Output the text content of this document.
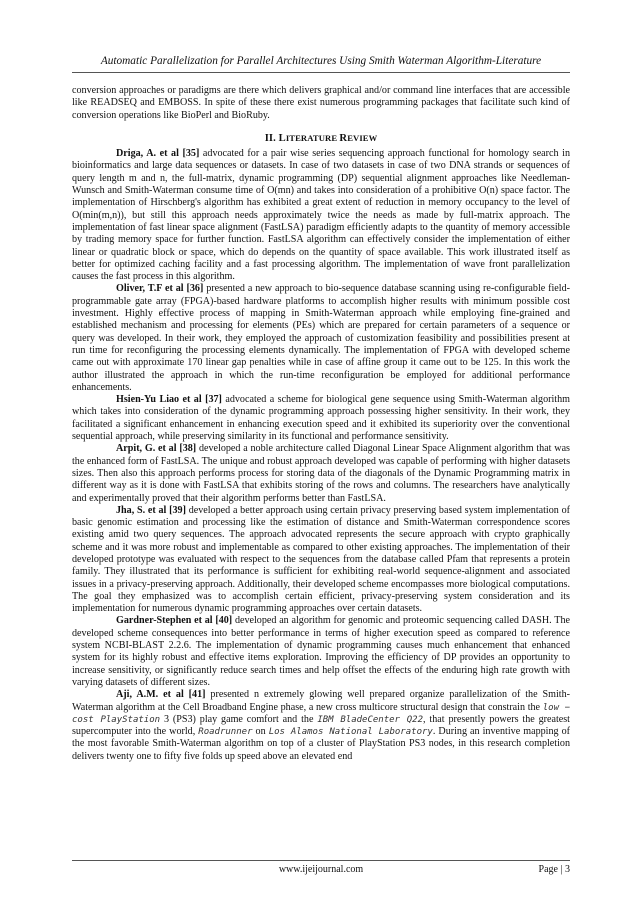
Automatic Parallelization for Parallel Architectures Using Smith Waterman Algorithm-Literature

conversion approaches or paradigms are there which delivers graphical and/or command line interfaces that are accessible like READSEQ and EMBOSS. In spite of these there exist numerous programming packages that facilitate such kind of conversion operations like BioPerl and BioRuby.

II. LITERATURE REVIEW

Driga, A. et al [35] advocated for a pair wise series sequencing approach functional for homology search in bioinformatics and large data sequences or datasets. In case of two datasets in case of two DNA strands or sequences of query length m and n, the full-matrix, dynamic programming (DP) sequential alignment approaches like Needleman-Wunsch and Smith-Waterman consume time of O(mn) and takes into consideration of a prohibitive O(n) space factor. The implementation of Hirschberg's algorithm has exhibited a great extent of reduction in memory occupancy to the level of O(min(m,n)), but still this approach needs approximately twice the needs as made by full-matrix approach. The implementation of fast linear space alignment (FastLSA) paradigm efficiently adapts to the quantity of memory accessible by trading memory space for further function. FastLSA algorithm can effectively consider the implementation of either linear or quadratic block or space, which do depends on the quantity of space available. This work illustrated itself as better for optimized caching facility and a fast processing algorithm. The implementation of wave front parallelization causes the fast process in this algorithm.

Oliver, T.F et al [36] presented a new approach to bio-sequence database scanning using re-configurable field-programmable gate array (FPGA)-based hardware platforms to accomplish higher results with minimum possible cost investment. Highly effective process of mapping in Smith-Waterman approach while employing fine-grained and established mechanism and processing for elements (PEs) which are prepared for certain parameters of a sequence or query was developed. In their work, they employed the approach of customization feasibility and possibilities present at run time for reconfiguring the processing elements dynamically. The implementation of FPGA with developed scheme came out with approximate 170 linear gap penalties while in case of affine group it came out to be 125. In this work the author illustrated the approach in which the run-time reconfiguration be employed for additional performance enhancements.

Hsien-Yu Liao et al [37] advocated a scheme for biological gene sequence using Smith-Waterman algorithm which takes into consideration of the dynamic programming approach possessing higher sensitivity. In their work, they facilitated a significant enhancement in enhancing execution speed and it exhibited its superiority over the conventional sequential approach, while preserving similarity in its functional and performance sensitivity.

Arpit, G. et al [38] developed a noble architecture called Diagonal Linear Space Alignment algorithm that was the enhanced form of FastLSA. The unique and robust approach developed was capable of performing with higher datasets sizes. Then also this approach performs process for storing data of the diagonals of the Dynamic Programming matrix in different way as it is done with FastLSA that exhibits storing of the rows and columns. The researchers have analytically and experimentally proved that their algorithm performs better than FastLSA.

Jha, S. et al [39] developed a better approach using certain privacy preserving based system implementation of basic genomic estimation and processing like the estimation of distance and Smith-Waterman correspondence scores existing amid two query sequences. The approach advocated represents the secure approach with crypto graphically scheme and it was more robust and implementable as compared to other existing approaches. The implementation of their developed prototype was evaluated with respect to the sequences from the database called Pfam that represents a protein family. They illustrated that its performance is sufficient for exhibiting real-world sequence-alignment and associated issues in a privacy-preserving approach. Additionally, their developed scheme encompasses more biological computations. The goal they emphasized was to accomplish certain efficient, privacy-preserving system consideration and its implementation for numerous dynamic programming approaches over certain datasets.

Gardner-Stephen et al [40] developed an algorithm for genomic and proteomic sequencing called DASH. The developed scheme consequences into better performance in terms of higher execution speed as compared to reference system NCBI-BLAST 2.2.6. The implementation of dynamic programming causes much enhancement that enhanced system for its highly robust and effective items exploration. Improving the efficiency of DP provides an opportunity to increase sensitivity, or significantly reduce search times and help offset the effects of the enduring high rate growth with varying datasets of different sizes.

Aji, A.M. et al [41] presented n extremely glowing well prepared organize parallelization of the Smith-Waterman algorithm at the Cell Broadband Engine phase, a new cross multicore structural design that constrain the low − cost PlayStation 3 (PS3) play game comfort and the IBM BladeCenter Q22, that presently powers the greatest supercomputer into the world, Roadrunner on Los Alamos National Laboratory. During an inventive mapping of the most favorable Smith-Waterman algorithm on top of a cluster of PlayStation PS3 nodes, in this research completion delivers twenty one to fifty five folds up speed above an elevated end

www.ijeijournal.com	Page | 3
